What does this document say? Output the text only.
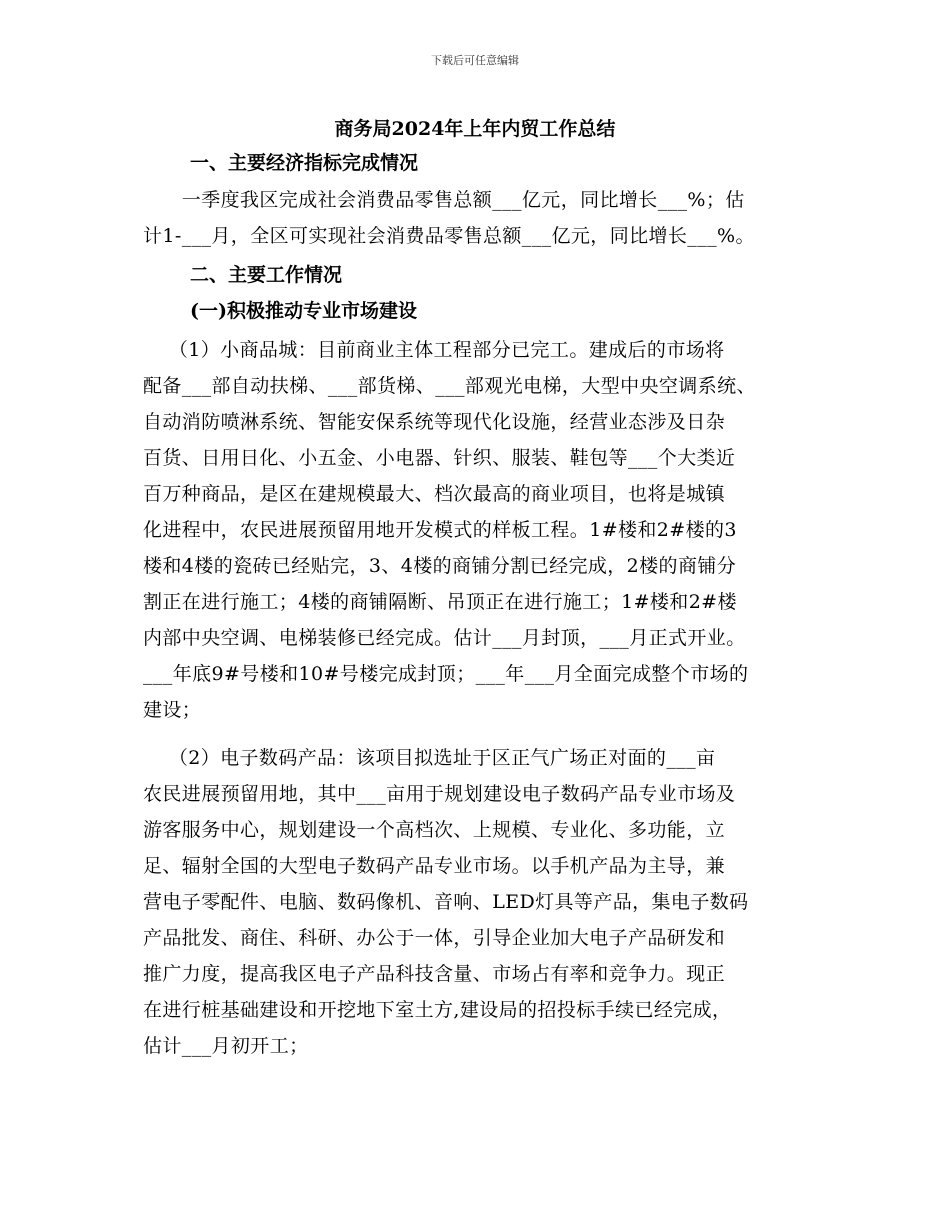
下载后可任意编辑
商务局2024年上年内贸工作总结
一、主要经济指标完成情况
　　一季度我区完成社会消费品零售总额___亿元，同比增长___%；估
计1-___月，全区可实现社会消费品零售总额___亿元，同比增长___%。
二、主要工作情况
(一)积极推动专业市场建设
　 （1）小商品城：目前商业主体工程部分已完工。建成后的市场将
配备___部自动扶梯、___部货梯、___部观光电梯，大型中央空调系统、
自动消防喷淋系统、智能安保系统等现代化设施，经营业态涉及日杂
百货、日用日化、小五金、小电器、针织、服装、鞋包等___个大类近
百万种商品，是区在建规模最大、档次最高的商业项目，也将是城镇
化进程中，农民进展预留用地开发模式的样板工程。1#楼和2#楼的3
楼和4楼的瓷砖已经贴完，3、4楼的商铺分割已经完成，2楼的商铺分
割正在进行施工；4楼的商铺隔断、吊顶正在进行施工；1#楼和2#楼
内部中央空调、电梯装修已经完成。估计___月封顶，___月正式开业。
___年底9#号楼和10#号楼完成封顶；___年___月全面完成整个市场的
建设；
　 （2）电子数码产品：该项目拟选址于区正气广场正对面的___亩
农民进展预留用地，其中___亩用于规划建设电子数码产品专业市场及
游客服务中心，规划建设一个高档次、上规模、专业化、多功能，立
足、辐射全国的大型电子数码产品专业市场。以手机产品为主导，兼
营电子零配件、电脑、数码像机、音响、LED灯具等产品，集电子数码
产品批发、商住、科研、办公于一体，引导企业加大电子产品研发和
推广力度，提高我区电子产品科技含量、市场占有率和竞争力。现正
在进行桩基础建设和开挖地下室土方,建设局的招投标手续已经完成，
估计___月初开工；
